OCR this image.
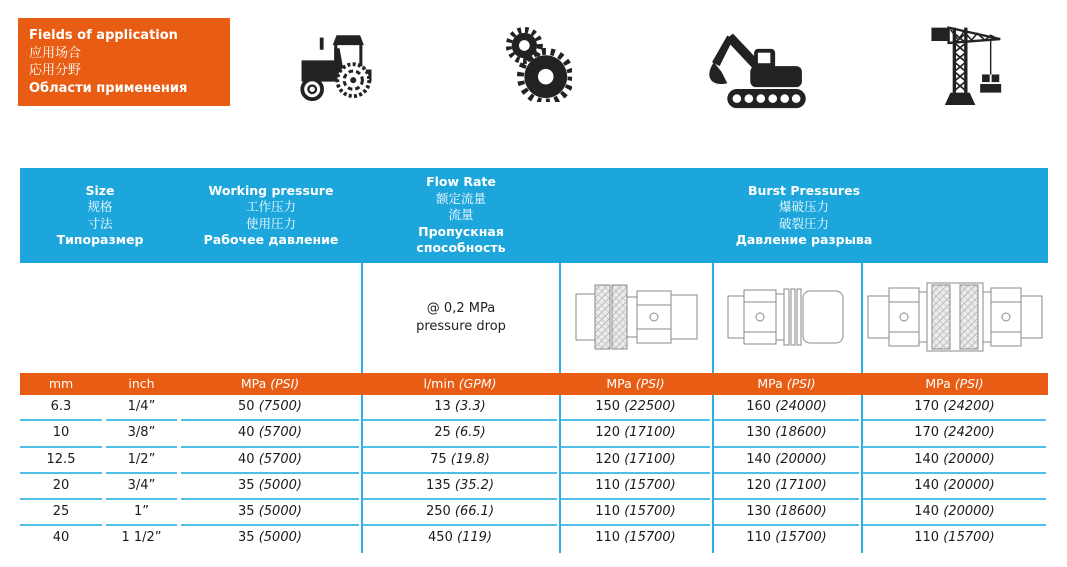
Fields of application
应用场合
応用分野
Области применения
Size
规格
寸法
Типоразмер
Working pressure
工作压力
使用圧力
Рабочее давление
Flow Rate
额定流量
流量
Пропускная способность
Burst Pressures
爆破压力
破裂圧力
Давление разрыва
@ 0,2 MPa
pressure drop
mm	inch	MPa (PSI)	l/min (GPM)	MPa (PSI)	MPa (PSI)	MPa (PSI)
6.3	1/4”	50 (7500)	13 (3.3)	150 (22500)	160 (24000)	170 (24200)
10	3/8”	40 (5700)	25 (6.5)	120 (17100)	130 (18600)	170 (24200)
12.5	1/2”	40 (5700)	75 (19.8)	120 (17100)	140 (20000)	140 (20000)
20	3/4”	35 (5000)	135 (35.2)	110 (15700)	120 (17100)	140 (20000)
25	1”	35 (5000)	250 (66.1)	110 (15700)	130 (18600)	140 (20000)
40	1 1/2”	35 (5000)	450 (119)	110 (15700)	110 (15700)	110 (15700)
